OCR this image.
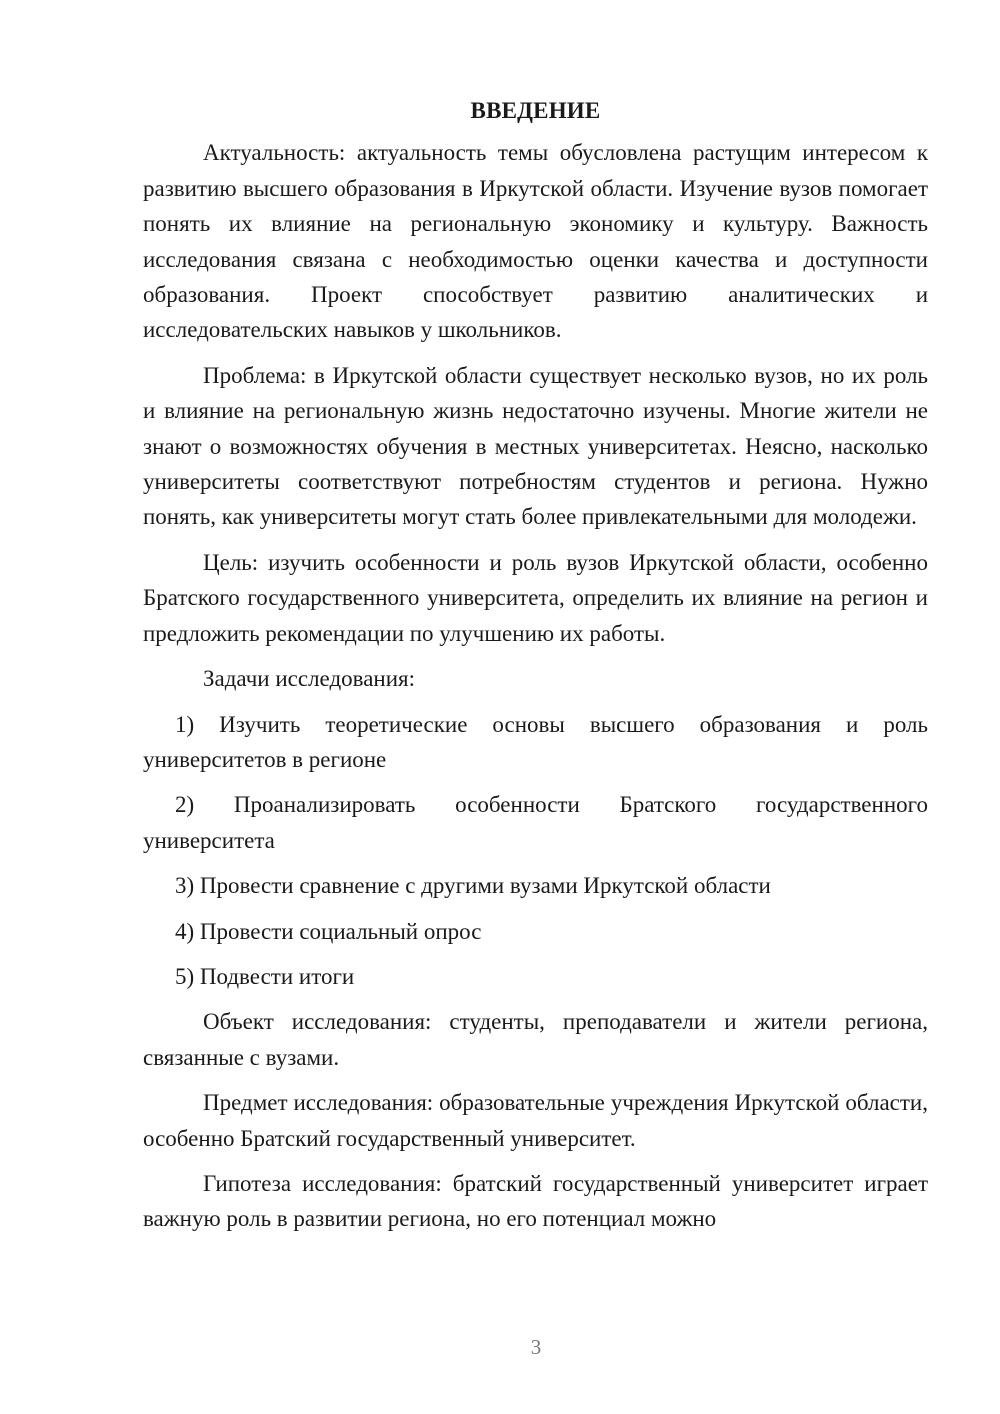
ВВЕДЕНИЕ

Актуальность: актуальность темы обусловлена растущим интересом к развитию высшего образования в Иркутской области. Изучение вузов помогает понять их влияние на региональную экономику и культуру. Важность исследования связана с необходимостью оценки качества и доступности образования. Проект способствует развитию аналитических и исследовательских навыков у школьников.

Проблема: в Иркутской области существует несколько вузов, но их роль и влияние на региональную жизнь недостаточно изучены. Многие жители не знают о возможностях обучения в местных университетах. Неясно, насколько университеты соответствуют потребностям студентов и региона. Нужно понять, как университеты могут стать более привлекательными для молодежи.

Цель: изучить особенности и роль вузов Иркутской области, особенно Братского государственного университета, определить их влияние на регион и предложить рекомендации по улучшению их работы.

Задачи исследования:

1) Изучить теоретические основы высшего образования и роль университетов в регионе

2) Проанализировать особенности Братского государственного университета

3) Провести сравнение с другими вузами Иркутской области

4) Провести социальный опрос

5) Подвести итоги

Объект исследования: студенты, преподаватели и жители региона, связанные с вузами.

Предмет исследования: образовательные учреждения Иркутской области, особенно Братский государственный университет.

Гипотеза исследования: братский государственный университет играет важную роль в развитии региона, но его потенциал можно

3
